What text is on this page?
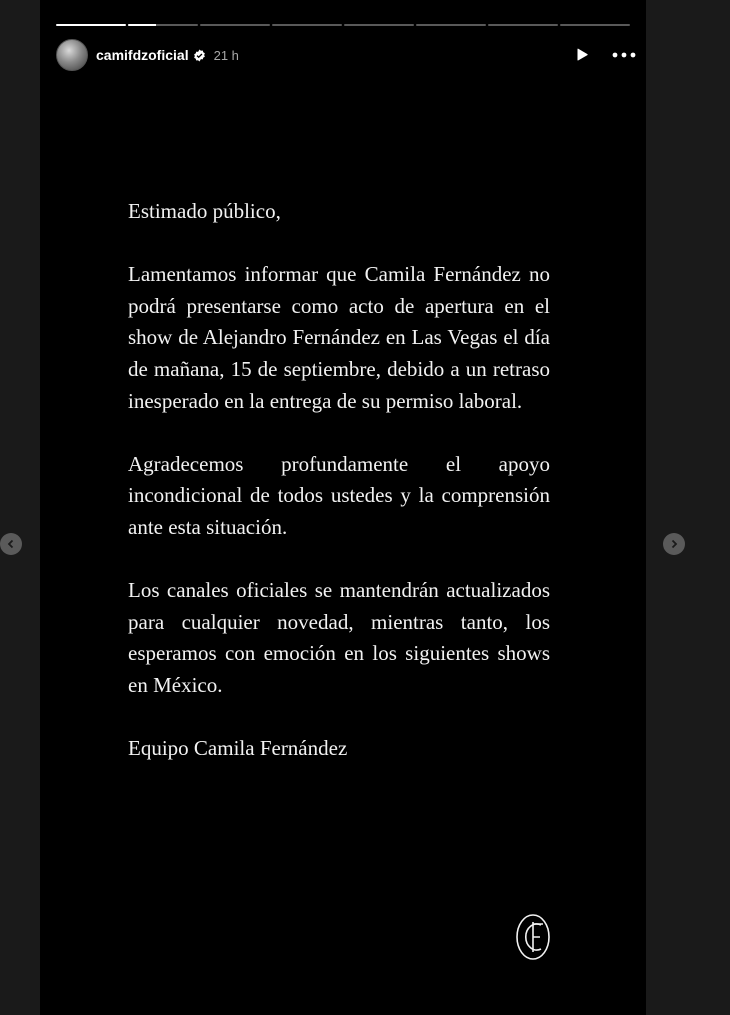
camifdzoficial 21 h

Estimado público,

Lamentamos informar que Camila Fernández no podrá presentarse como acto de apertura en el show de Alejandro Fernández en Las Vegas el día de mañana, 15 de septiembre, debido a un retraso inesperado en la entrega de su permiso laboral.

Agradecemos profundamente el apoyo incondicional de todos ustedes y la comprensión ante esta situación.

Los canales oficiales se mantendrán actualizados para cualquier novedad, mientras tanto, los esperamos con emoción en los siguientes shows en México.

Equipo Camila Fernández
